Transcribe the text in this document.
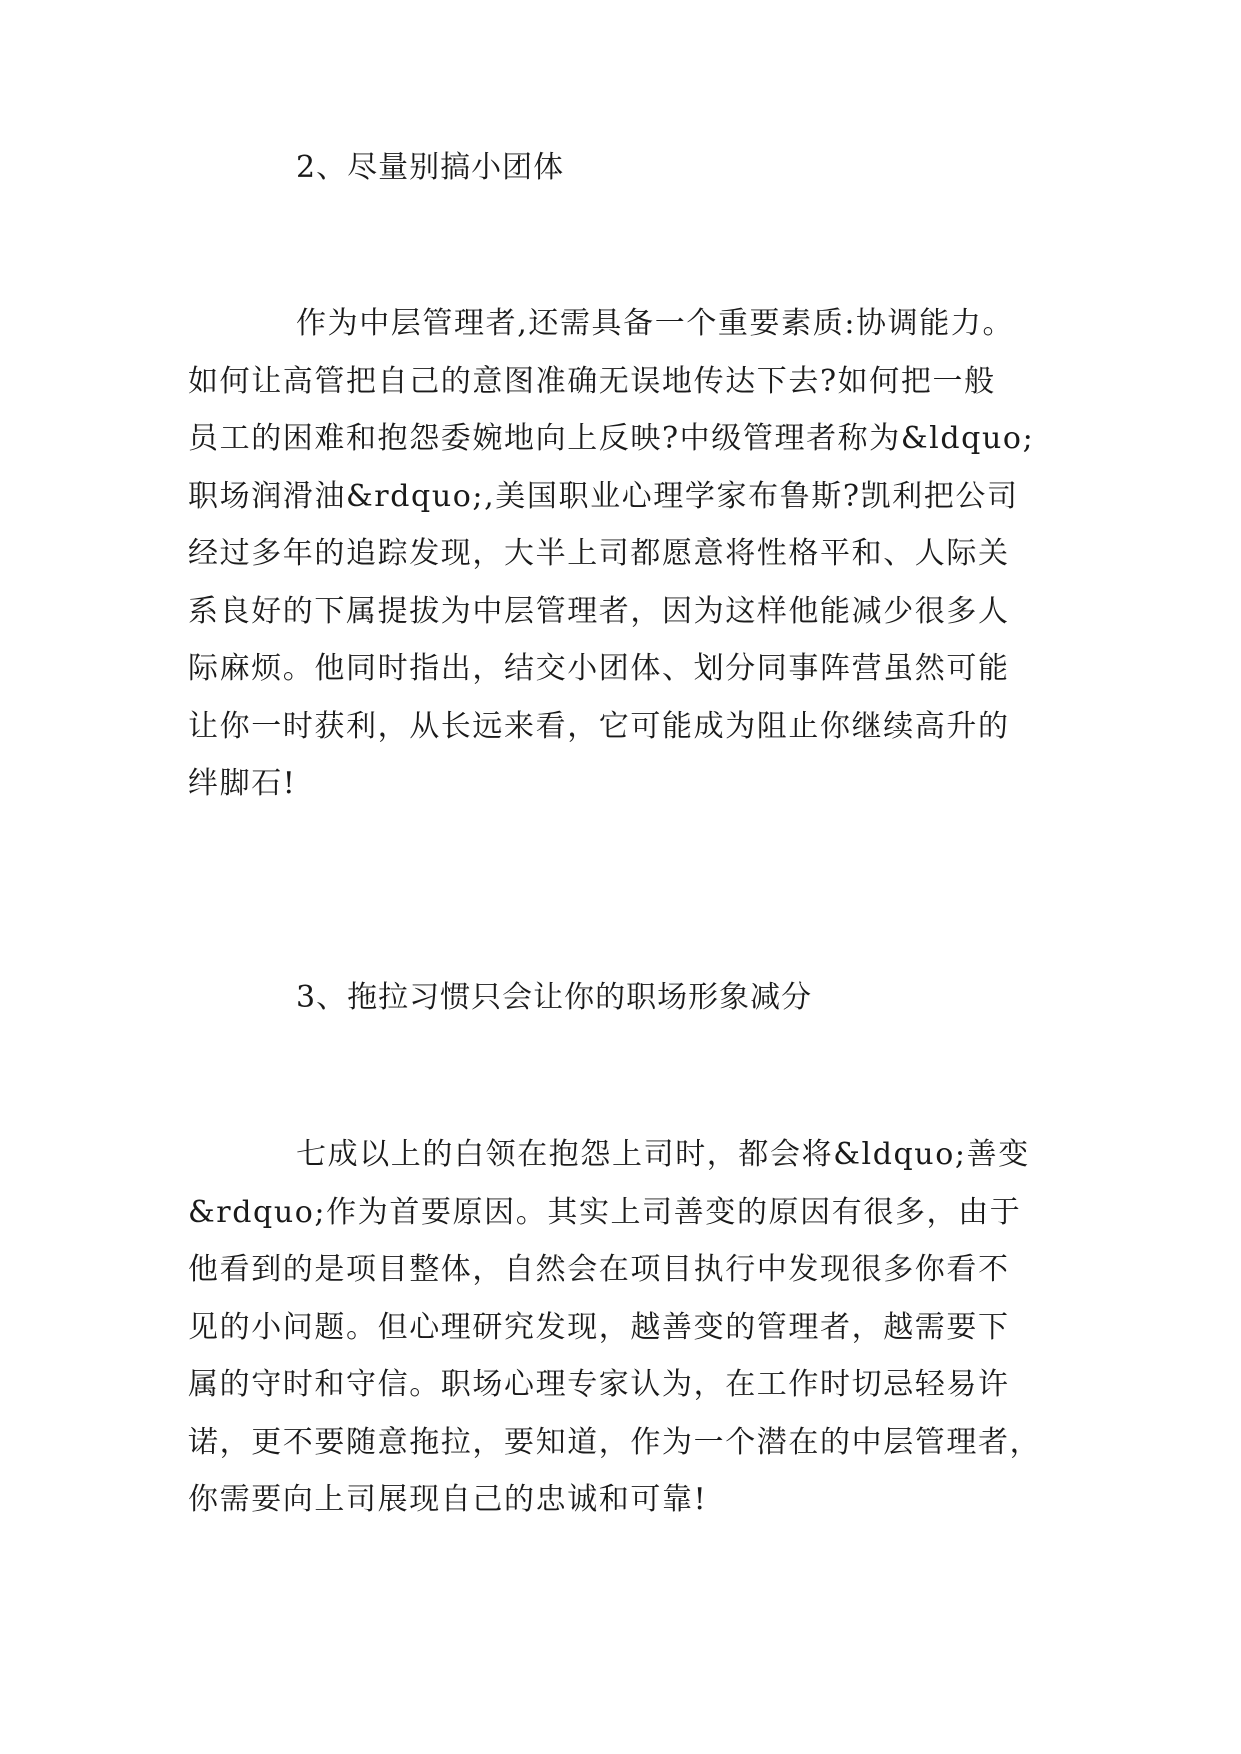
2、尽量别搞小团体
作为中层管理者,还需具备一个重要素质:协调能力。
如何让高管把自己的意图准确无误地传达下去?如何把一般
员工的困难和抱怨委婉地向上反映?中级管理者称为&ldquo;
职场润滑油&rdquo;,美国职业心理学家布鲁斯?凯利把公司
经过多年的追踪发现，大半上司都愿意将性格平和、人际关
系良好的下属提拔为中层管理者，因为这样他能减少很多人
际麻烦。他同时指出，结交小团体、划分同事阵营虽然可能
让你一时获利，从长远来看，它可能成为阻止你继续高升的
绊脚石!
3、拖拉习惯只会让你的职场形象减分
七成以上的白领在抱怨上司时，都会将&ldquo;善变
&rdquo;作为首要原因。其实上司善变的原因有很多，由于
他看到的是项目整体，自然会在项目执行中发现很多你看不
见的小问题。但心理研究发现，越善变的管理者，越需要下
属的守时和守信。职场心理专家认为，在工作时切忌轻易许
诺，更不要随意拖拉，要知道，作为一个潜在的中层管理者，
你需要向上司展现自己的忠诚和可靠!
